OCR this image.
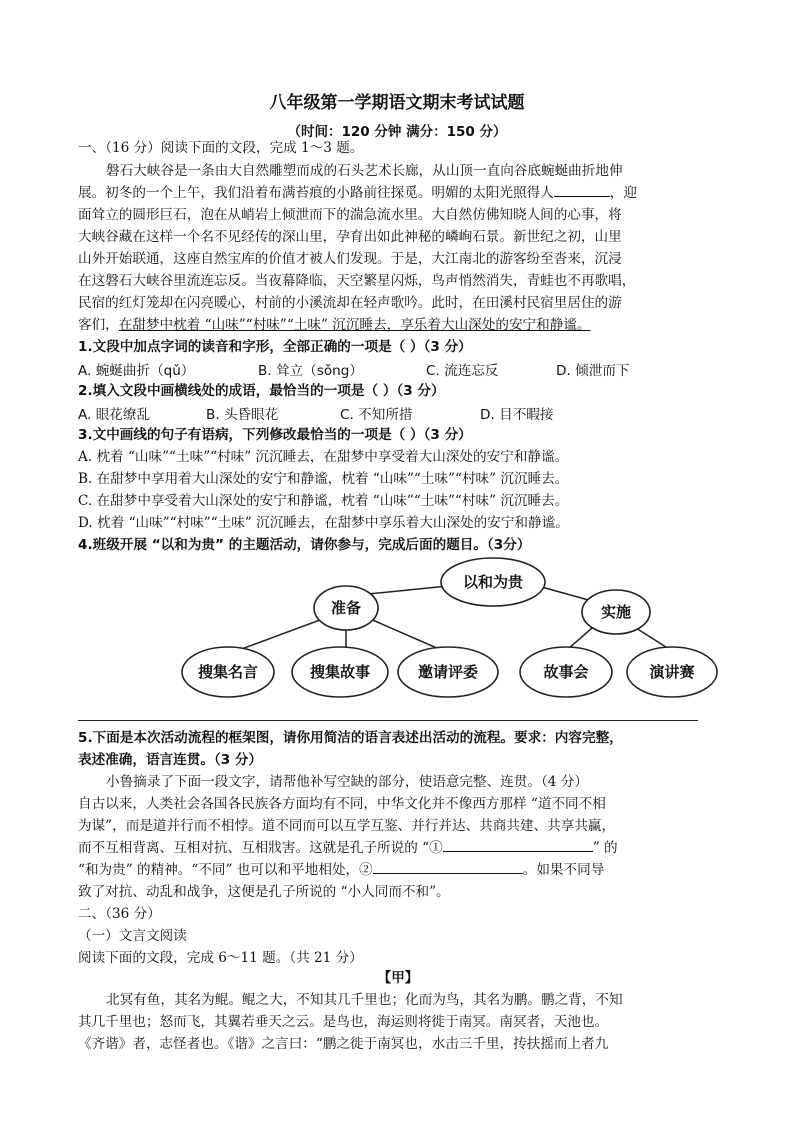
八年级第一学期语文期末考试试题
（时间：120 分钟 满分：150 分）
一、（16 分）阅读下面的文段，完成 1～3 题。
磐石大峡谷是一条由大自然雕塑而成的石头艺术长廊，从山顶一直向谷底蜿蜒曲折地伸
展。初冬的一个上午，我们沿着布满苔痕的小路前往探觅。明媚的太阳光照得人	，迎
面耸立的圆形巨石，泡在从峭岩上倾泄而下的湍急流水里。大自然仿佛知晓人间的心事，将
大峡谷藏在这样一个名不见经传的深山里，孕育出如此神秘的嶙峋石景。新世纪之初，山里
山外开始联通，这座自然宝库的价值才被人们发现。于是，大江南北的游客纷至沓来，沉浸
在这磐石大峡谷里流连忘反。当夜幕降临，天空繁星闪烁，鸟声悄然消失，青蛙也不再歌唱，
民宿的红灯笼却在闪亮暖心，村前的小溪流却在轻声歌吟。此时，在田溪村民宿里居住的游
客们，在甜梦中枕着 “山味”“村味”“土味” 沉沉睡去，享乐着大山深处的安宁和静谧。
1.文段中加点字词的读音和字形，全部正确的一项是（ ）（3 分）
A. 蜿蜒曲折（qǔ）	B. 耸立（sǒng）	C. 流连忘反	D. 倾泄而下
2.填入文段中画横线处的成语，最恰当的一项是（ ）（3 分）
A. 眼花缭乱	B. 头昏眼花	C. 不知所措	D. 目不暇接
3.文中画线的句子有语病，下列修改最恰当的一项是（ ）（3 分）
A. 枕着 “山味”“土味”“村味” 沉沉睡去，在甜梦中享受着大山深处的安宁和静谧。
B. 在甜梦中享用着大山深处的安宁和静谧，枕着 “山味”“土味”“村味” 沉沉睡去。
C. 在甜梦中享受着大山深处的安宁和静谧，枕着 “山味”“土味”“村味” 沉沉睡去。
D. 枕着 “山味”“村味”“土味” 沉沉睡去，在甜梦中享乐着大山深处的安宁和静谧。
4.班级开展 “以和为贵” 的主题活动，请你参与，完成后面的题目。（3分）
以和为贵
准备	实施
搜集名言	搜集故事	邀请评委	故事会	演讲赛
5.下面是本次活动流程的框架图，请你用简洁的语言表述出活动的流程。要求：内容完整，
表述准确，语言连贯。（3 分）
小鲁摘录了下面一段文字，请帮他补写空缺的部分，使语意完整、连贯。（4 分）
自古以来，人类社会各国各民族各方面均有不同，中华文化并不像西方那样 “道不同不相
为谋”，而是道并行而不相悖。道不同而可以互学互鉴、并行并达、共商共建、共享共赢，
而不互相背离、互相对抗、互相戕害。这就是孔子所说的 “①	” 的
“和为贵” 的精神。“不同” 也可以和平地相处，②	。如果不同导
致了对抗、动乱和战争，这便是孔子所说的 “小人同而不和”。
二、（36 分）
（一）文言文阅读
阅读下面的文段，完成 6～11 题。（共 21 分）
【甲】
北冥有鱼，其名为鲲。鲲之大，不知其几千里也；化而为鸟，其名为鹏。鹏之背，不知
其几千里也；怒而飞，其翼若垂天之云。是鸟也，海运则将徙于南冥。南冥者，天池也。
《齐谐》者，志怪者也。《谐》之言曰：“鹏之徙于南冥也，水击三千里，抟扶摇而上者九
